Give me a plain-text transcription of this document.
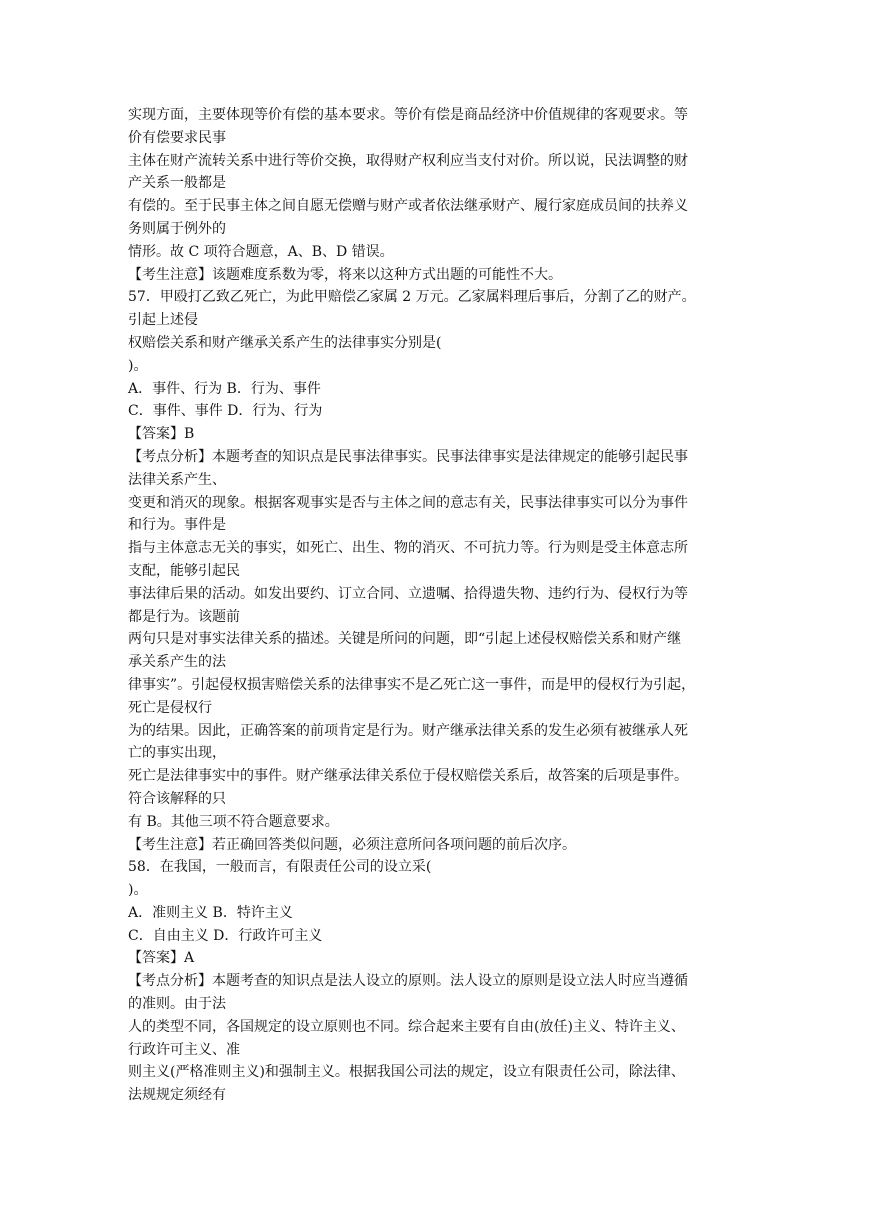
实现方面，主要体现等价有偿的基本要求。等价有偿是商品经济中价值规律的客观要求。等
价有偿要求民事
主体在财产流转关系中进行等价交换，取得财产权利应当支付对价。所以说，民法调整的财
产关系一般都是
有偿的。至于民事主体之间自愿无偿赠与财产或者依法继承财产、履行家庭成员间的扶养义
务则属于例外的
情形。故 C 项符合题意，A、B、D 错误。
【考生注意】该题难度系数为零，将来以这种方式出题的可能性不大。
57．甲殴打乙致乙死亡，为此甲赔偿乙家属 2 万元。乙家属料理后事后，分割了乙的财产。
引起上述侵
权赔偿关系和财产继承关系产生的法律事实分别是(
)。
A．事件、行为 B．行为、事件
C．事件、事件 D．行为、行为
【答案】B
【考点分析】本题考查的知识点是民事法律事实。民事法律事实是法律规定的能够引起民事
法律关系产生、
变更和消灭的现象。根据客观事实是否与主体之间的意志有关，民事法律事实可以分为事件
和行为。事件是
指与主体意志无关的事实，如死亡、出生、物的消灭、不可抗力等。行为则是受主体意志所
支配，能够引起民
事法律后果的活动。如发出要约、订立合同、立遗嘱、拾得遗失物、违约行为、侵权行为等
都是行为。该题前
两句只是对事实法律关系的描述。关键是所问的问题，即“引起上述侵权赔偿关系和财产继
承关系产生的法
律事实”。引起侵权损害赔偿关系的法律事实不是乙死亡这一事件，而是甲的侵权行为引起，
死亡是侵权行
为的结果。因此，正确答案的前项肯定是行为。财产继承法律关系的发生必须有被继承人死
亡的事实出现，
死亡是法律事实中的事件。财产继承法律关系位于侵权赔偿关系后，故答案的后项是事件。
符合该解释的只
有 B。其他三项不符合题意要求。
【考生注意】若正确回答类似问题，必须注意所问各项问题的前后次序。
58．在我国，一般而言，有限责任公司的设立采(
)。
A．准则主义 B．特许主义
C．自由主义 D．行政许可主义
【答案】A
【考点分析】本题考查的知识点是法人设立的原则。法人设立的原则是设立法人时应当遵循
的准则。由于法
人的类型不同，各国规定的设立原则也不同。综合起来主要有自由(放任)主义、特许主义、
行政许可主义、准
则主义(严格准则主义)和强制主义。根据我国公司法的规定，设立有限责任公司，除法律、
法规规定须经有
